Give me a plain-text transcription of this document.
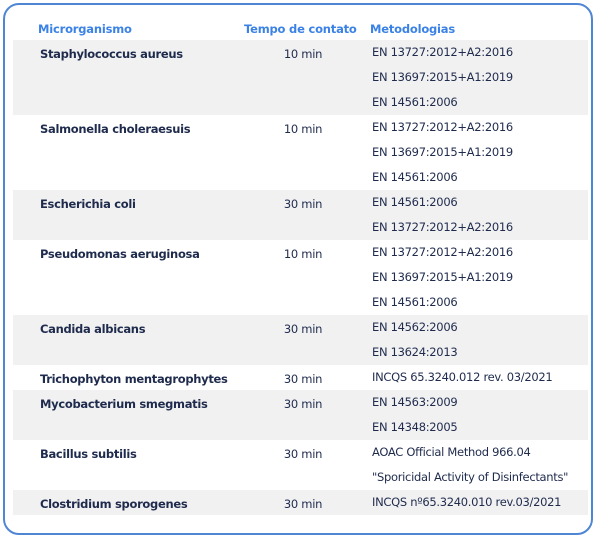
Microrganismo	Tempo de contato Metodologias
Staphylococcus aureus	10 min	EN 13727:2012+A2:2016
EN 13697:2015+A1:2019
EN 14561:2006
Salmonella choleraesuis	10 min	EN 13727:2012+A2:2016
EN 13697:2015+A1:2019
EN 14561:2006
Escherichia coli	30 min	EN 14561:2006
EN 13727:2012+A2:2016
Pseudomonas aeruginosa	10 min	EN 13727:2012+A2:2016
EN 13697:2015+A1:2019
EN 14561:2006
Candida albicans	30 min	EN 14562:2006
EN 13624:2013
Trichophyton mentagrophytes	30 min	INCQS 65.3240.012 rev. 03/2021
Mycobacterium smegmatis	30 min	EN 14563:2009
EN 14348:2005
Bacillus subtilis	30 min	AOAC Official Method 966.04
"Sporicidal Activity of Disinfectants"
Clostridium sporogenes	30 min	INCQS nº65.3240.010 rev.03/2021
